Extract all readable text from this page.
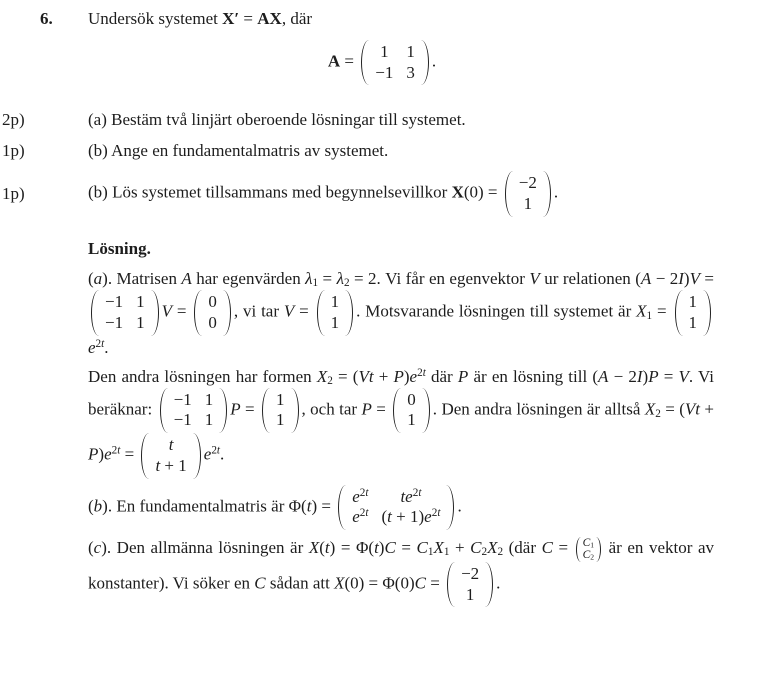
6. Undersök systemet X′ = AX, där
A =
1 1
−1 3
.
2p)	(a) Bestäm två linjärt oberoende lösningar till systemet.
1p)	(b) Ange en fundamentalmatris av systemet.
1p)	(b) Lös systemet tillsammans med begynnelsevillkor X(0) =
−2
1
.
Lösning.

(a). Matrisen A har egenvärden $\lambda_1 = \lambda_2 = 2$. Vi får en egenvektor V ur relationen (A − 2I)V =
−1 1
−1 1
V =
0
0
, vi tar V =
1
1
. Motsvarande lösningen till systemet är $X_1$ =
1
1
$e^{2t}$.

Den andra lösningen har formen $X_2 = (Vt + P)e^{2t}$ där P är en lösning till (A − 2I)P = V. Vi beräknar:
−1 1
−1 1
P =
1
1
, och tar P =
0
1
. Den andra lösningen är alltså $X_2 = (Vt + P)e^{2t}$ =
t
t + 1
$e^{2t}$.

(b). En fundamentalmatris är Φ(t) =
$e^{2t}$ $te^{2t}$
$e^{2t}$ $(t + 1)e^{2t}$ .

(c). Den allmänna lösningen är $X(t) = \Phi(t)C = C_1X_1 + C_2X_2$ (där $C = C_1$
$C_2$
är en vektor av konstanter). Vi söker en C sådan att X(0) = Φ(0)C =
−2
1
.
